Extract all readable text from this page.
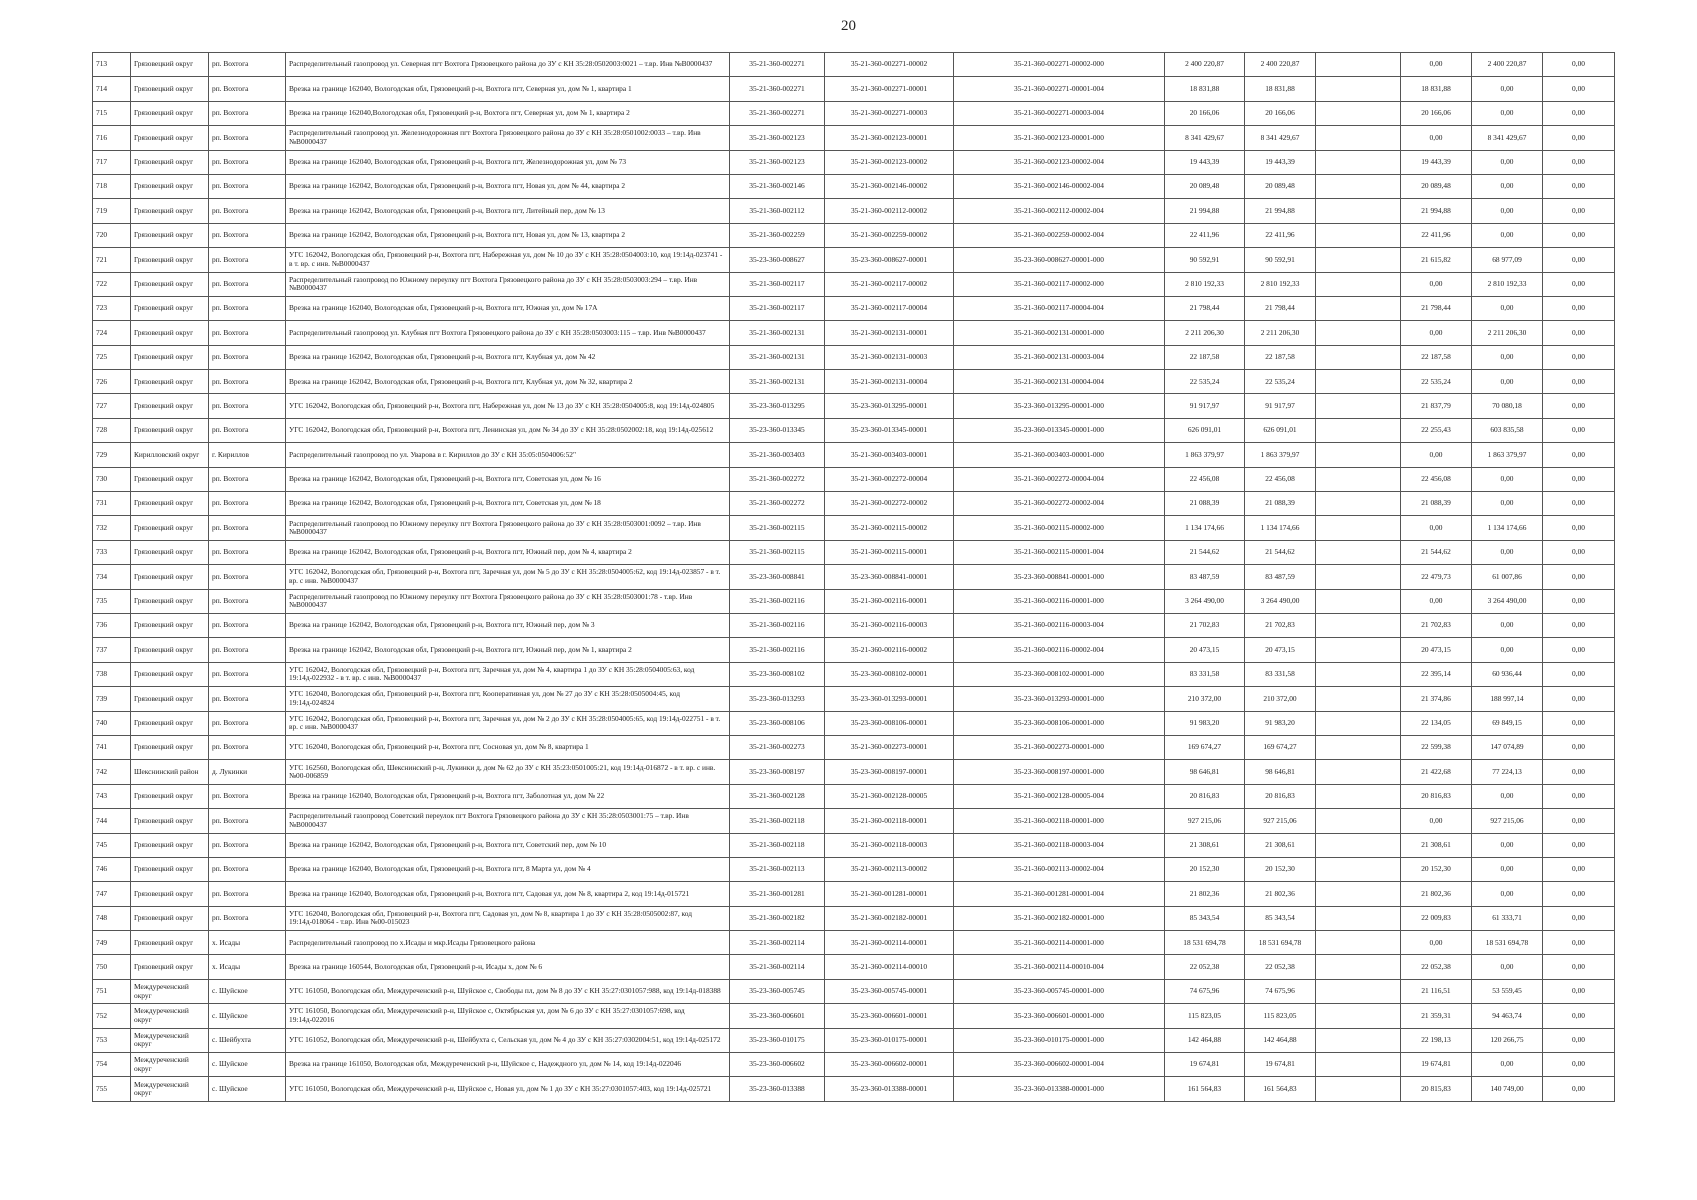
20
713	Грязовецкий округ	рп. Вохтога	Распределительный газопровод ул. Северная пгт Вохтога Грязовецкого района до ЗУ с КН 35:28:0502003:0021 – т.вр. Инв №В0000437	35-21-360-002271	35-21-360-002271-00002	35-21-360-002271-00002-000	2 400 220,87	2 400 220,87		0,00	2 400 220,87	0,00
714	Грязовецкий округ	рп. Вохтога	Врезка на границе 162040, Вологодская обл, Грязовецкий р-н, Вохтога пгт, Северная ул, дом № 1, квартира 1	35-21-360-002271	35-21-360-002271-00001	35-21-360-002271-00001-004	18 831,88	18 831,88		18 831,88	0,00	0,00
715	Грязовецкий округ	рп. Вохтога	Врезка на границе 162040,Вологодская обл, Грязовецкий р-н, Вохтога пгт, Северная ул, дом № 1, квартира 2	35-21-360-002271	35-21-360-002271-00003	35-21-360-002271-00003-004	20 166,06	20 166,06		20 166,06	0,00	0,00
716	Грязовецкий округ	рп. Вохтога	Распределительный газопровод ул. Железнодорожная пгт Вохтога Грязовецкого района до ЗУ с КН 35:28:0501002:0033 – т.вр. Инв №В0000437	35-21-360-002123	35-21-360-002123-00001	35-21-360-002123-00001-000	8 341 429,67	8 341 429,67		0,00	8 341 429,67	0,00
717	Грязовецкий округ	рп. Вохтога	Врезка на границе 162040, Вологодская обл, Грязовецкий р-н, Вохтога пгт, Железнодорожная ул, дом № 73	35-21-360-002123	35-21-360-002123-00002	35-21-360-002123-00002-004	19 443,39	19 443,39		19 443,39	0,00	0,00
718	Грязовецкий округ	рп. Вохтога	Врезка на границе 162042, Вологодская обл, Грязовецкий р-н, Вохтога пгт, Новая ул, дом № 44, квартира 2	35-21-360-002146	35-21-360-002146-00002	35-21-360-002146-00002-004	20 089,48	20 089,48		20 089,48	0,00	0,00
719	Грязовецкий округ	рп. Вохтога	Врезка на границе 162042, Вологодская обл, Грязовецкий р-н, Вохтога пгт, Литейный пер, дом № 13	35-21-360-002112	35-21-360-002112-00002	35-21-360-002112-00002-004	21 994,88	21 994,88		21 994,88	0,00	0,00
720	Грязовецкий округ	рп. Вохтога	Врезка на границе 162042, Вологодская обл, Грязовецкий р-н, Вохтога пгт, Новая ул, дом № 13, квартира 2	35-21-360-002259	35-21-360-002259-00002	35-21-360-002259-00002-004	22 411,96	22 411,96		22 411,96	0,00	0,00
721	Грязовецкий округ	рп. Вохтога	УГС 162042, Вологодская обл, Грязовецкий р-н, Вохтога пгт, Набережная ул, дом № 10 до ЗУ с КН 35:28:0504003:10, код 19:14д-023741 - в т. вр. с инв. №В0000437	35-23-360-008627	35-23-360-008627-00001	35-23-360-008627-00001-000	90 592,91	90 592,91		21 615,82	68 977,09	0,00
722	Грязовецкий округ	рп. Вохтога	Распределительный газопровод по Южному переулку пгт Вохтога Грязовецкого района до ЗУ с КН 35:28:0503003:294 – т.вр. Инв №В0000437	35-21-360-002117	35-21-360-002117-00002	35-21-360-002117-00002-000	2 810 192,33	2 810 192,33		0,00	2 810 192,33	0,00
723	Грязовецкий округ	рп. Вохтога	Врезка на границе 162040, Вологодская обл, Грязовецкий р-н, Вохтога пгт, Южная ул, дом № 17А	35-21-360-002117	35-21-360-002117-00004	35-21-360-002117-00004-004	21 798,44	21 798,44		21 798,44	0,00	0,00
724	Грязовецкий округ	рп. Вохтога	Распределительный газопровод ул. Клубная пгт Вохтога Грязовецкого района до ЗУ с КН 35:28:0503003:115 – т.вр. Инв №В0000437	35-21-360-002131	35-21-360-002131-00001	35-21-360-002131-00001-000	2 211 206,30	2 211 206,30		0,00	2 211 206,30	0,00
725	Грязовецкий округ	рп. Вохтога	Врезка на границе 162042, Вологодская обл, Грязовецкий р-н, Вохтога пгт, Клубная ул, дом № 42	35-21-360-002131	35-21-360-002131-00003	35-21-360-002131-00003-004	22 187,58	22 187,58		22 187,58	0,00	0,00
726	Грязовецкий округ	рп. Вохтога	Врезка на границе 162042, Вологодская обл, Грязовецкий р-н, Вохтога пгт, Клубная ул, дом № 32, квартира 2	35-21-360-002131	35-21-360-002131-00004	35-21-360-002131-00004-004	22 535,24	22 535,24		22 535,24	0,00	0,00
727	Грязовецкий округ	рп. Вохтога	УГС 162042, Вологодская обл, Грязовецкий р-н, Вохтога пгт, Набережная ул, дом № 13 до ЗУ с КН 35:28:0504005:8, код 19:14д-024805	35-23-360-013295	35-23-360-013295-00001	35-23-360-013295-00001-000	91 917,97	91 917,97		21 837,79	70 080,18	0,00
728	Грязовецкий округ	рп. Вохтога	УГС 162042, Вологодская обл, Грязовецкий р-н, Вохтога пгт, Ленинская ул, дом № 34 до ЗУ с КН 35:28:0502002:18, код 19:14д-025612	35-23-360-013345	35-23-360-013345-00001	35-23-360-013345-00001-000	626 091,01	626 091,01		22 255,43	603 835,58	0,00
729	Кирилловский округ	г. Кириллов	Распределительный газопровод по ул. Уварова в г. Кириллов до ЗУ с КН 35:05:0504006:52"	35-21-360-003403	35-21-360-003403-00001	35-21-360-003403-00001-000	1 863 379,97	1 863 379,97		0,00	1 863 379,97	0,00
730	Грязовецкий округ	рп. Вохтога	Врезка на границе 162042, Вологодская обл, Грязовецкий р-н, Вохтога пгт, Советская ул, дом № 16	35-21-360-002272	35-21-360-002272-00004	35-21-360-002272-00004-004	22 456,08	22 456,08		22 456,08	0,00	0,00
731	Грязовецкий округ	рп. Вохтога	Врезка на границе 162042, Вологодская обл, Грязовецкий р-н, Вохтога пгт, Советская ул, дом № 18	35-21-360-002272	35-21-360-002272-00002	35-21-360-002272-00002-004	21 088,39	21 088,39		21 088,39	0,00	0,00
732	Грязовецкий округ	рп. Вохтога	Распределительный газопровод по Южному переулку пгт Вохтога Грязовецкого района до ЗУ с КН 35:28:0503001:0092 – т.вр. Инв №В0000437	35-21-360-002115	35-21-360-002115-00002	35-21-360-002115-00002-000	1 134 174,66	1 134 174,66		0,00	1 134 174,66	0,00
733	Грязовецкий округ	рп. Вохтога	Врезка на границе 162042, Вологодская обл, Грязовецкий р-н, Вохтога пгт, Южный пер, дом № 4, квартира 2	35-21-360-002115	35-21-360-002115-00001	35-21-360-002115-00001-004	21 544,62	21 544,62		21 544,62	0,00	0,00
734	Грязовецкий округ	рп. Вохтога	УГС 162042, Вологодская обл, Грязовецкий р-н, Вохтога пгт, Заречная ул, дом № 5 до ЗУ с КН 35:28:0504005:62, код 19:14д-023857 - в т. вр. с инв. №В0000437	35-23-360-008841	35-23-360-008841-00001	35-23-360-008841-00001-000	83 487,59	83 487,59		22 479,73	61 007,86	0,00
735	Грязовецкий округ	рп. Вохтога	Распределительный газопровод по Южному переулку пгт Вохтога Грязовецкого района до ЗУ с КН 35:28:0503001:78 - т.вр. Инв №В0000437	35-21-360-002116	35-21-360-002116-00001	35-21-360-002116-00001-000	3 264 490,00	3 264 490,00		0,00	3 264 490,00	0,00
736	Грязовецкий округ	рп. Вохтога	Врезка на границе 162042, Вологодская обл, Грязовецкий р-н, Вохтога пгт, Южный пер, дом № 3	35-21-360-002116	35-21-360-002116-00003	35-21-360-002116-00003-004	21 702,83	21 702,83		21 702,83	0,00	0,00
737	Грязовецкий округ	рп. Вохтога	Врезка на границе 162042, Вологодская обл, Грязовецкий р-н, Вохтога пгт, Южный пер, дом № 1, квартира 2	35-21-360-002116	35-21-360-002116-00002	35-21-360-002116-00002-004	20 473,15	20 473,15		20 473,15	0,00	0,00
738	Грязовецкий округ	рп. Вохтога	УГС 162042, Вологодская обл, Грязовецкий р-н, Вохтога пгт, Заречная ул, дом № 4, квартира 1 до ЗУ с КН 35:28:0504005:63, код 19:14д-022932 - в т. вр. с инв. №В0000437	35-23-360-008102	35-23-360-008102-00001	35-23-360-008102-00001-000	83 331,58	83 331,58		22 395,14	60 936,44	0,00
739	Грязовецкий округ	рп. Вохтога	УГС 162040, Вологодская обл, Грязовецкий р-н, Вохтога пгт, Кооперативная ул, дом № 27 до ЗУ с КН 35:28:0505004:45, код 19:14д-024824	35-23-360-013293	35-23-360-013293-00001	35-23-360-013293-00001-000	210 372,00	210 372,00		21 374,86	188 997,14	0,00
740	Грязовецкий округ	рп. Вохтога	УГС 162042, Вологодская обл, Грязовецкий р-н, Вохтога пгт, Заречная ул, дом № 2 до ЗУ с КН 35:28:0504005:65, код 19:14д-022751 - в т. вр. с инв. №В0000437	35-23-360-008106	35-23-360-008106-00001	35-23-360-008106-00001-000	91 983,20	91 983,20		22 134,05	69 849,15	0,00
741	Грязовецкий округ	рп. Вохтога	УГС 162040, Вологодская обл, Грязовецкий р-н, Вохтога пгт, Сосновая ул, дом № 8, квартира 1	35-21-360-002273	35-21-360-002273-00001	35-21-360-002273-00001-000	169 674,27	169 674,27		22 599,38	147 074,89	0,00
742	Шекснинский район	д. Лукинки	УГС 162560, Вологодская обл, Шекснинский р-н, Лукинки д, дом № 62 до ЗУ с КН 35:23:0501005:21, код 19:14д-016872 - в т. вр. с инв. №00-006859	35-23-360-008197	35-23-360-008197-00001	35-23-360-008197-00001-000	98 646,81	98 646,81		21 422,68	77 224,13	0,00
743	Грязовецкий округ	рп. Вохтога	Врезка на границе 162040, Вологодская обл, Грязовецкий р-н, Вохтога пгт, Заболотная ул, дом № 22	35-21-360-002128	35-21-360-002128-00005	35-21-360-002128-00005-004	20 816,83	20 816,83		20 816,83	0,00	0,00
744	Грязовецкий округ	рп. Вохтога	Распределительный газопровод Советский переулок пгт Вохтога Грязовецкого района до ЗУ с КН 35:28:0503001:75 – т.вр. Инв №В0000437	35-21-360-002118	35-21-360-002118-00001	35-21-360-002118-00001-000	927 215,06	927 215,06		0,00	927 215,06	0,00
745	Грязовецкий округ	рп. Вохтога	Врезка на границе 162042, Вологодская обл, Грязовецкий р-н, Вохтога пгт, Советский пер, дом № 10	35-21-360-002118	35-21-360-002118-00003	35-21-360-002118-00003-004	21 308,61	21 308,61		21 308,61	0,00	0,00
746	Грязовецкий округ	рп. Вохтога	Врезка на границе 162040, Вологодская обл, Грязовецкий р-н, Вохтога пгт, 8 Марта ул, дом № 4	35-21-360-002113	35-21-360-002113-00002	35-21-360-002113-00002-004	20 152,30	20 152,30		20 152,30	0,00	0,00
747	Грязовецкий округ	рп. Вохтога	Врезка на границе 162040, Вологодская обл, Грязовецкий р-н, Вохтога пгт, Садовая ул, дом № 8, квартира 2, код 19:14д-015721	35-21-360-001281	35-21-360-001281-00001	35-21-360-001281-00001-004	21 802,36	21 802,36		21 802,36	0,00	0,00
748	Грязовецкий округ	рп. Вохтога	УГС 162040, Вологодская обл, Грязовецкий р-н, Вохтога пгт, Садовая ул, дом № 8, квартира 1 до ЗУ с КН 35:28:0505002:87, код 19:14д-018064 - т.вр. Инв №00-015023	35-21-360-002182	35-21-360-002182-00001	35-21-360-002182-00001-000	85 343,54	85 343,54		22 009,83	61 333,71	0,00
749	Грязовецкий округ	х. Исады	Распределительный газопровод по х.Исады и мкр.Исады Грязовецкого района	35-21-360-002114	35-21-360-002114-00001	35-21-360-002114-00001-000	18 531 694,78	18 531 694,78		0,00	18 531 694,78	0,00
750	Грязовецкий округ	х. Исады	Врезка на границе 160544, Вологодская обл, Грязовецкий р-н, Исады х, дом № 6	35-21-360-002114	35-21-360-002114-00010	35-21-360-002114-00010-004	22 052,38	22 052,38		22 052,38	0,00	0,00
751	Междуреченский округ	с. Шуйское	УГС 161050, Вологодская обл, Междуреченский р-н, Шуйское с, Свободы пл, дом № 8 до ЗУ с КН 35:27:0301057:988, код 19:14д-018388	35-23-360-005745	35-23-360-005745-00001	35-23-360-005745-00001-000	74 675,96	74 675,96		21 116,51	53 559,45	0,00
752	Междуреченский округ	с. Шуйское	УГС 161050, Вологодская обл, Междуреченский р-н, Шуйское с, Октябрьская ул, дом № 6 до ЗУ с КН 35:27:0301057:698, код 19:14д-022016	35-23-360-006601	35-23-360-006601-00001	35-23-360-006601-00001-000	115 823,05	115 823,05		21 359,31	94 463,74	0,00
753	Междуреченский округ	с. Шейбухта	УГС 161052, Вологодская обл, Междуреченский р-н, Шейбухта с, Сельская ул, дом № 4 до ЗУ с КН 35:27:0302004:51, код 19:14д-025172	35-23-360-010175	35-23-360-010175-00001	35-23-360-010175-00001-000	142 464,88	142 464,88		22 198,13	120 266,75	0,00
754	Междуреченский округ	с. Шуйское	Врезка на границе 161050, Вологодская обл, Междуреченский р-н, Шуйское с, Надеждного ул, дом № 14, код 19:14д-022046	35-23-360-006602	35-23-360-006602-00001	35-23-360-006602-00001-004	19 674,81	19 674,81		19 674,81	0,00	0,00
755	Междуреченский округ	с. Шуйское	УГС 161050, Вологодская обл, Междуреченский р-н, Шуйское с, Новая ул, дом № 1 до ЗУ с КН 35:27:0301057:403, код 19:14д-025721	35-23-360-013388	35-23-360-013388-00001	35-23-360-013388-00001-000	161 564,83	161 564,83		20 815,83	140 749,00	0,00
